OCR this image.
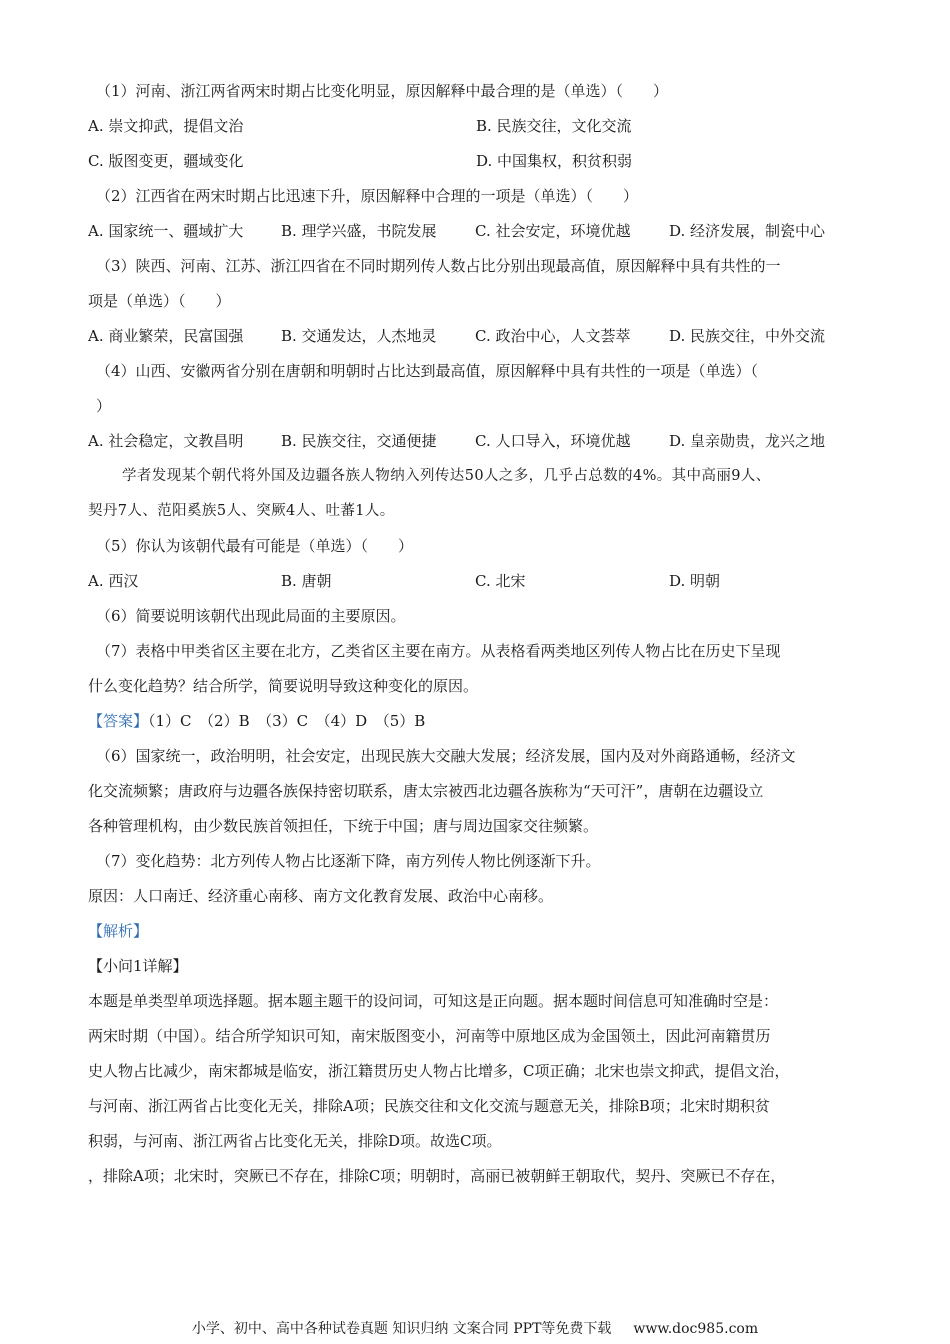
（1）河南、浙江两省两宋时期占比变化明显，原因解释中最合理的是（单选）（　　）
A. 崇文抑武，提倡文治	B. 民族交往，文化交流
C. 版图变更，疆域变化	D. 中国集权，积贫积弱
（2）江西省在两宋时期占比迅速下升，原因解释中合理的一项是（单选）（　　）
A. 国家统一、疆域扩大	B. 理学兴盛，书院发展	C. 社会安定，环境优越	D. 经济发展，制瓷中心
（3）陕西、河南、江苏、浙江四省在不同时期列传人数占比分别出现最高值，原因解释中具有共性的一
项是（单选）（　　）
A. 商业繁荣，民富国强	B. 交通发达，人杰地灵	C. 政治中心，人文荟萃	D. 民族交往，中外交流
（4）山西、安徽两省分别在唐朝和明朝时占比达到最高值，原因解释中具有共性的一项是（单选）（
）
A. 社会稳定，文教昌明	B. 民族交往，交通便捷	C. 人口导入，环境优越	D. 皇亲勋贵，龙兴之地
学者发现某个朝代将外国及边疆各族人物纳入列传达50人之多，几乎占总数的4%。其中高丽9人、
契丹7人、范阳奚族5人、突厥4人、吐蕃1人。
（5）你认为该朝代最有可能是（单选）（　　）
A. 西汉	B. 唐朝	C. 北宋	D. 明朝
（6）简要说明该朝代出现此局面的主要原因。
（7）表格中甲类省区主要在北方，乙类省区主要在南方。从表格看两类地区列传人物占比在历史下呈现
什么变化趋势？结合所学，简要说明导致这种变化的原因。
【答案】（1）C　（2）B　（3）C　（4）D　（5）B
（6）国家统一，政治明明，社会安定，出现民族大交融大发展；经济发展，国内及对外商路通畅，经济文
化交流频繁；唐政府与边疆各族保持密切联系，唐太宗被西北边疆各族称为“天可汗”，唐朝在边疆设立
各种管理机构，由少数民族首领担任，下统于中国；唐与周边国家交往频繁。
（7）变化趋势：北方列传人物占比逐渐下降，南方列传人物比例逐渐下升。
原因：人口南迁、经济重心南移、南方文化教育发展、政治中心南移。
【解析】
【小问1详解】
本题是单类型单项选择题。据本题主题干的设问词，可知这是正向题。据本题时间信息可知准确时空是：
两宋时期（中国）。结合所学知识可知，南宋版图变小，河南等中原地区成为金国领土，因此河南籍贯历
史人物占比减少，南宋都城是临安，浙江籍贯历史人物占比增多，C项正确；北宋也崇文抑武，提倡文治，
与河南、浙江两省占比变化无关，排除A项；民族交往和文化交流与题意无关，排除B项；北宋时期积贫
积弱，与河南、浙江两省占比变化无关，排除D项。故选C项。
，排除A项；北宋时，突厥已不存在，排除C项；明朝时，高丽已被朝鲜王朝取代，契丹、突厥已不存在，
小学、初中、高中各种试卷真题 知识归纳 文案合同 PPT等免费下载 www.doc985.com
